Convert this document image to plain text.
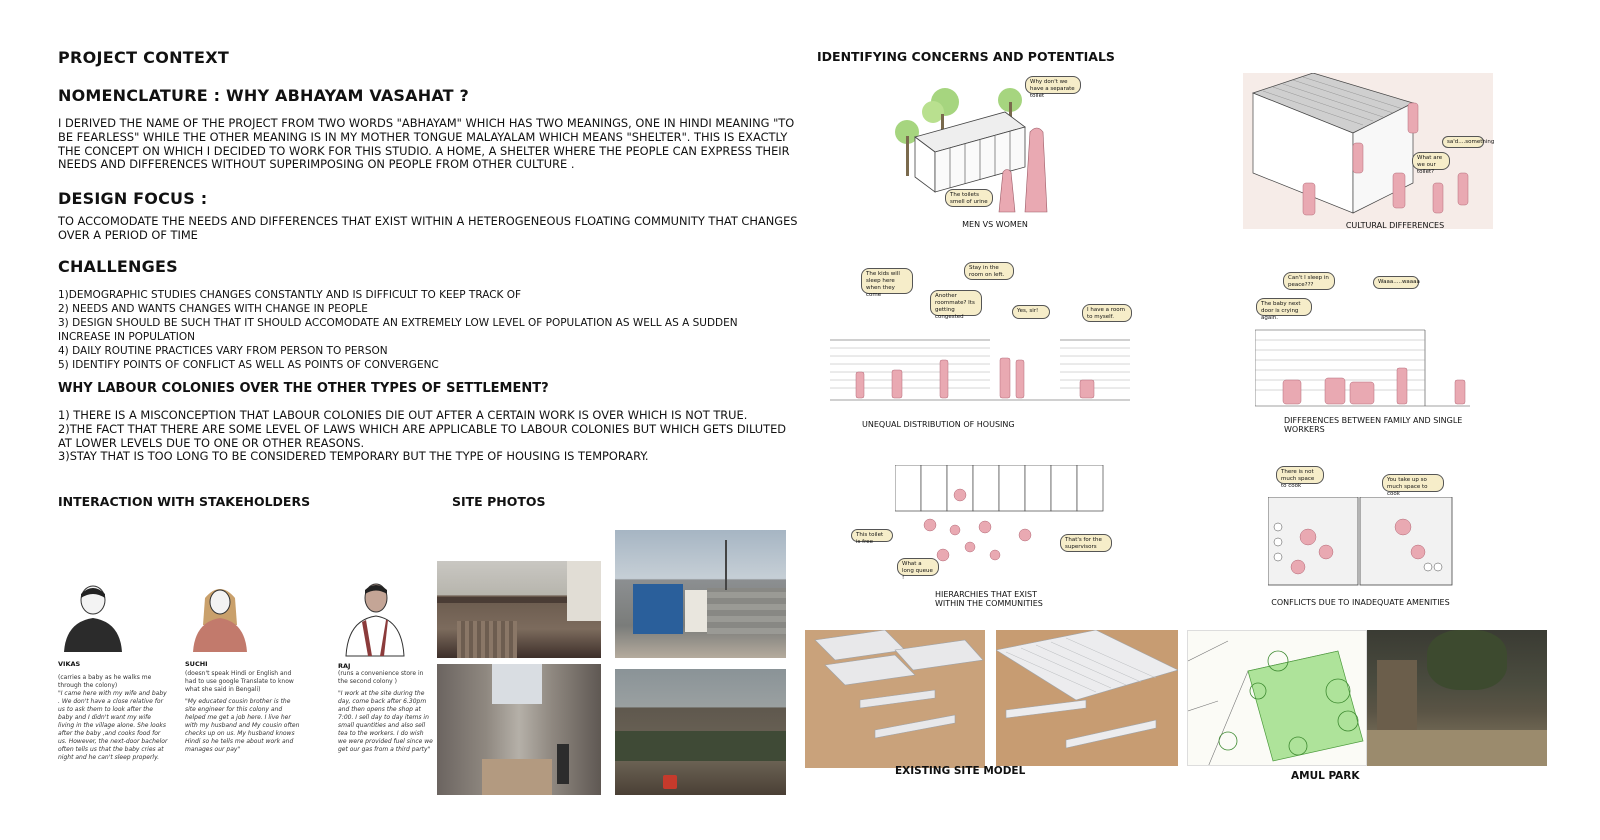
PROJECT CONTEXT
NOMENCLATURE : WHY ABHAYAM VASAHAT ?
I DERIVED THE NAME OF THE PROJECT FROM TWO WORDS "ABHAYAM" WHICH HAS TWO MEANINGS, ONE IN HINDI MEANING "TO BE FEARLESS" WHILE THE OTHER MEANING IS IN MY MOTHER TONGUE MALAYALAM WHICH MEANS "SHELTER". THIS IS EXACTLY THE CONCEPT ON WHICH I DECIDED TO WORK FOR THIS STUDIO. A HOME, A SHELTER WHERE THE PEOPLE CAN EXPRESS THEIR NEEDS AND DIFFERENCES WITHOUT SUPERIMPOSING ON PEOPLE FROM OTHER CULTURE .
DESIGN FOCUS :
TO ACCOMODATE THE NEEDS AND DIFFERENCES THAT EXIST WITHIN A HETEROGENEOUS FLOATING COMMUNITY THAT CHANGES OVER A PERIOD OF TIME
CHALLENGES
1)DEMOGRAPHIC STUDIES CHANGES CONSTANTLY AND IS DIFFICULT TO KEEP TRACK OF
2) NEEDS AND WANTS CHANGES WITH CHANGE IN PEOPLE
3) DESIGN SHOULD BE SUCH THAT IT SHOULD ACCOMODATE AN EXTREMELY LOW LEVEL OF POPULATION AS WELL AS A SUDDEN INCREASE IN POPULATION
4) DAILY ROUTINE PRACTICES VARY FROM PERSON TO PERSON
5) IDENTIFY POINTS OF CONFLICT AS WELL AS POINTS OF CONVERGENC
WHY LABOUR COLONIES OVER THE OTHER TYPES OF SETTLEMENT?
1) THERE IS A MISCONCEPTION THAT LABOUR COLONIES DIE OUT AFTER A CERTAIN WORK IS OVER WHICH IS NOT TRUE.
2)THE FACT THAT THERE ARE SOME LEVEL OF LAWS WHICH ARE APPLICABLE TO LABOUR COLONIES BUT WHICH GETS DILUTED AT LOWER LEVELS DUE TO ONE OR OTHER REASONS.
3)STAY THAT IS TOO LONG TO BE CONSIDERED TEMPORARY BUT THE TYPE OF HOUSING IS TEMPORARY.
INTERACTION WITH STAKEHOLDERS	SITE PHOTOS
VIKAS
(carries a baby as he walks me through the colony)
"I came here with my wife and baby . We don't have a close relative for us to ask them to look after the baby and I didn't want my wife living in the village alone. She looks after the baby ,and cooks food for us. However, the next-door bachelor often tells us that the baby cries at night and he can't sleep properly.
SUCHI
(doesn't speak Hindi or English and had to use google Translate to know what she said in Bengali)
"My educated cousin brother is the site engineer for this colony and helped me get a job here. I live her with my husband and My cousin often checks up on us. My husband knows Hindi so he tells me about work and manages our pay"
RAJ
(runs a convenience store in the second colony )
"I work at the site during the day, come back after 6.30pm and then opens the shop at 7:00. I sell day to day items in small quantities and also sell tea to the workers. I do wish we were provided fuel since we get our gas from a third party"
IDENTIFYING CONCERNS AND POTENTIALS
Why don't we have a separate toilet
The toilets smell of urine
MEN VS WOMEN
sa'd....something
What are we our toilet?
CULTURAL DIFFERENCES
The kids will sleep here when they come
Stay in the room on left.
Another roommate? Its getting congested
Yes, sir!	I have a room to myself.
UNEQUAL DISTRIBUTION OF HOUSING
Can't I sleep in peace???	Waaa.....waaaa
The baby next door is crying again.
DIFFERENCES BETWEEN FAMILY AND SINGLE WORKERS
This toilet is free
What a long queue !
That's for the supervisors
HIERARCHIES THAT EXIST WITHIN THE COMMUNITIES
There is not much space to cook
You take up so much space to cook
CONFLICTS DUE TO INADEQUATE AMENITIES
EXISTING SITE MODEL	AMUL PARK
